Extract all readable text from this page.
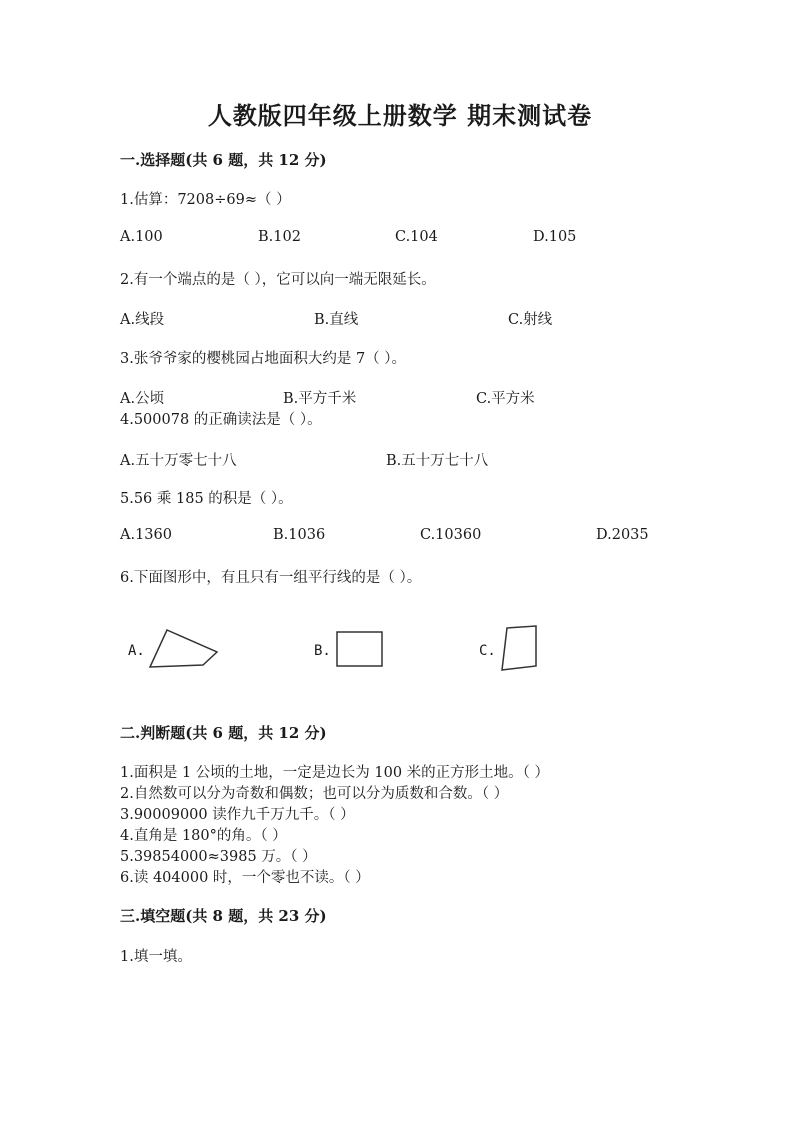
人教版四年级上册数学 期末测试卷
一.选择题(共 6 题，共 12 分)
1.估算：7208÷69≈（ ）
A.100	B.102	C.104	D.105
2.有一个端点的是（ ），它可以向一端无限延长。
A.线段	B.直线	C.射线
3.张爷爷家的樱桃园占地面积大约是 7（ ）。
A.公顷	B.平方千米	C.平方米
4.500078 的正确读法是（ ）。
A.五十万零七十八	B.五十万七十八
5.56 乘 185 的积是（ ）。
A.1360	B.1036	C.10360	D.2035
6.下面图形中，有且只有一组平行线的是（ ）。
A.	B.	C.
二.判断题(共 6 题，共 12 分)
1.面积是 1 公顷的土地，一定是边长为 100 米的正方形土地。（ ）
2.自然数可以分为奇数和偶数；也可以分为质数和合数。（ ）
3.90009000 读作九千万九千。（ ）
4.直角是 180°的角。（ ）
5.39854000≈3985 万。（ ）
6.读 404000 时，一个零也不读。（ ）
三.填空题(共 8 题，共 23 分)
1.填一填。
